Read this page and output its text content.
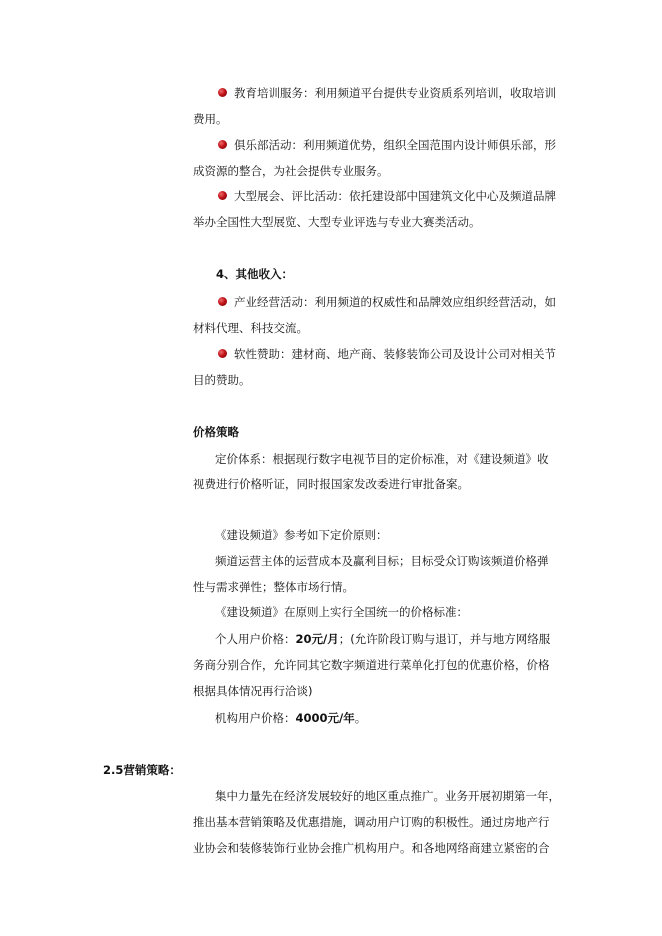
教育培训服务：利用频道平台提供专业资质系列培训，收取培训
费用。
俱乐部活动：利用频道优势，组织全国范围内设计师俱乐部，形
成资源的整合，为社会提供专业服务。
大型展会、评比活动：依托建设部中国建筑文化中心及频道品牌
举办全国性大型展览、大型专业评选与专业大赛类活动。
4、其他收入：
产业经营活动：利用频道的权威性和品牌效应组织经营活动，如
材料代理、科技交流。
软性赞助：建材商、地产商、装修装饰公司及设计公司对相关节
目的赞助。
价格策略
定价体系：根据现行数字电视节目的定价标准，对《建设频道》收
视费进行价格听证，同时报国家发改委进行审批备案。
《建设频道》参考如下定价原则：
频道运营主体的运营成本及赢利目标；目标受众订购该频道价格弹
性与需求弹性；整体市场行情。
《建设频道》在原则上实行全国统一的价格标准：
个人用户价格：20元/月；(允许阶段订购与退订，并与地方网络服
务商分别合作，允许同其它数字频道进行菜单化打包的优惠价格，价格
根据具体情况再行洽谈)
机构用户价格：4000元/年。
2.5营销策略：
集中力量先在经济发展较好的地区重点推广。业务开展初期第一年，
推出基本营销策略及优惠措施，调动用户订购的积极性。通过房地产行
业协会和装修装饰行业协会推广机构用户。和各地网络商建立紧密的合
